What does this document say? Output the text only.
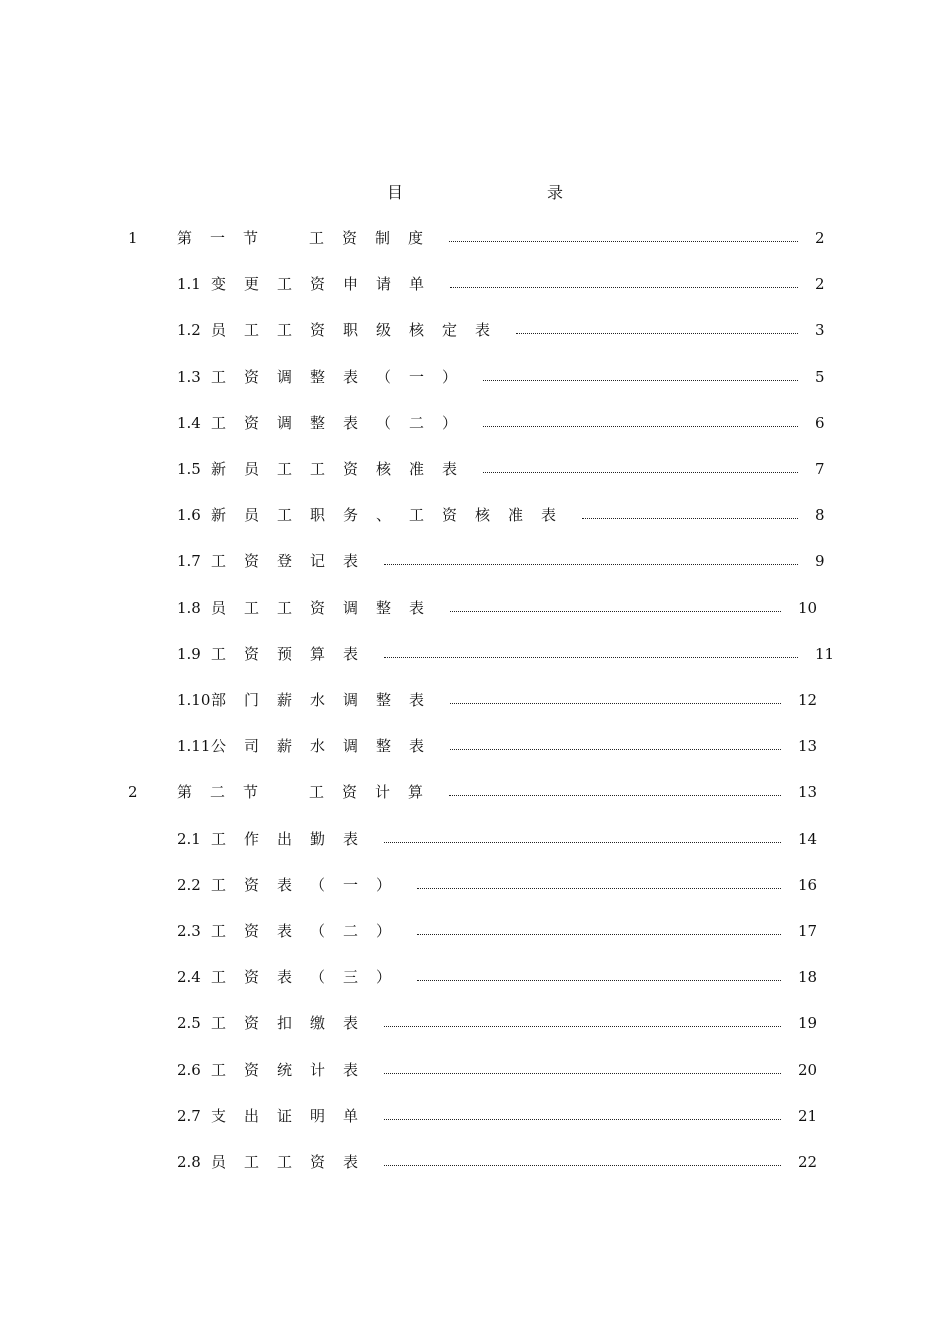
目　录
1	第一节　工资制度	2
1.1 变更工资申请单	2
1.2 员工工资职级核定表	3
1.3 工资调整表（一）	5
1.4 工资调整表（二）	6
1.5 新员工工资核准表	7
1.6 新员工职务、工资核准表	8
1.7 工资登记表	9
1.8 员工工资调整表	10
1.9 工资预算表	11
1.10 部门薪水调整表	12
1.11 公司薪水调整表	13
2	第二节　工资计算	13
2.1 工作出勤表	14
2.2 工资表（一）	16
2.3 工资表（二）	17
2.4 工资表（三）	18
2.5 工资扣缴表	19
2.6 工资统计表	20
2.7 支出证明单	21
2.8 员工工资表	22
